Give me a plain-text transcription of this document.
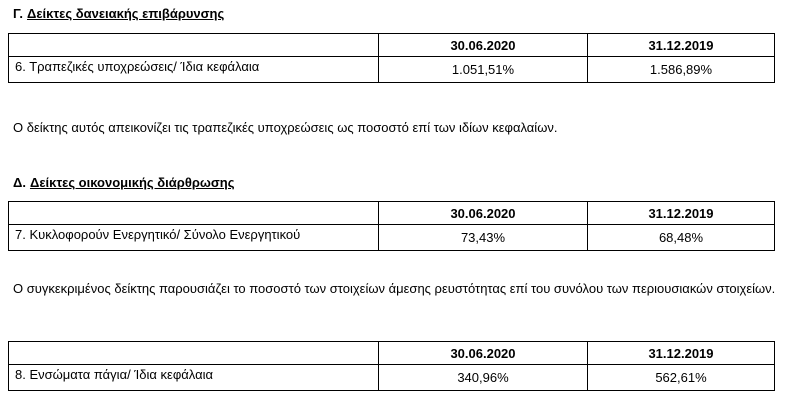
Γ. Δείκτες δανειακής επιβάρυνσης
	30.06.2020	31.12.2019
6. Τραπεζικές υποχρεώσεις/ Ίδια κεφάλαια	1.051,51%	1.586,89%
Ο δείκτης αυτός απεικονίζει τις τραπεζικές υποχρεώσεις ως ποσοστό επί των ιδίων κεφαλαίων.
Δ. Δείκτες οικονομικής διάρθρωσης
	30.06.2020	31.12.2019
7. Κυκλοφορούν Ενεργητικό/ Σύνολο Ενεργητικού	73,43%	68,48%
Ο συγκεκριμένος δείκτης παρουσιάζει το ποσοστό των στοιχείων άμεσης ρευστότητας επί του συνόλου των περιουσιακών στοιχείων.
	30.06.2020	31.12.2019
8. Ενσώματα πάγια/ Ίδια κεφάλαια	340,96%	562,61%
